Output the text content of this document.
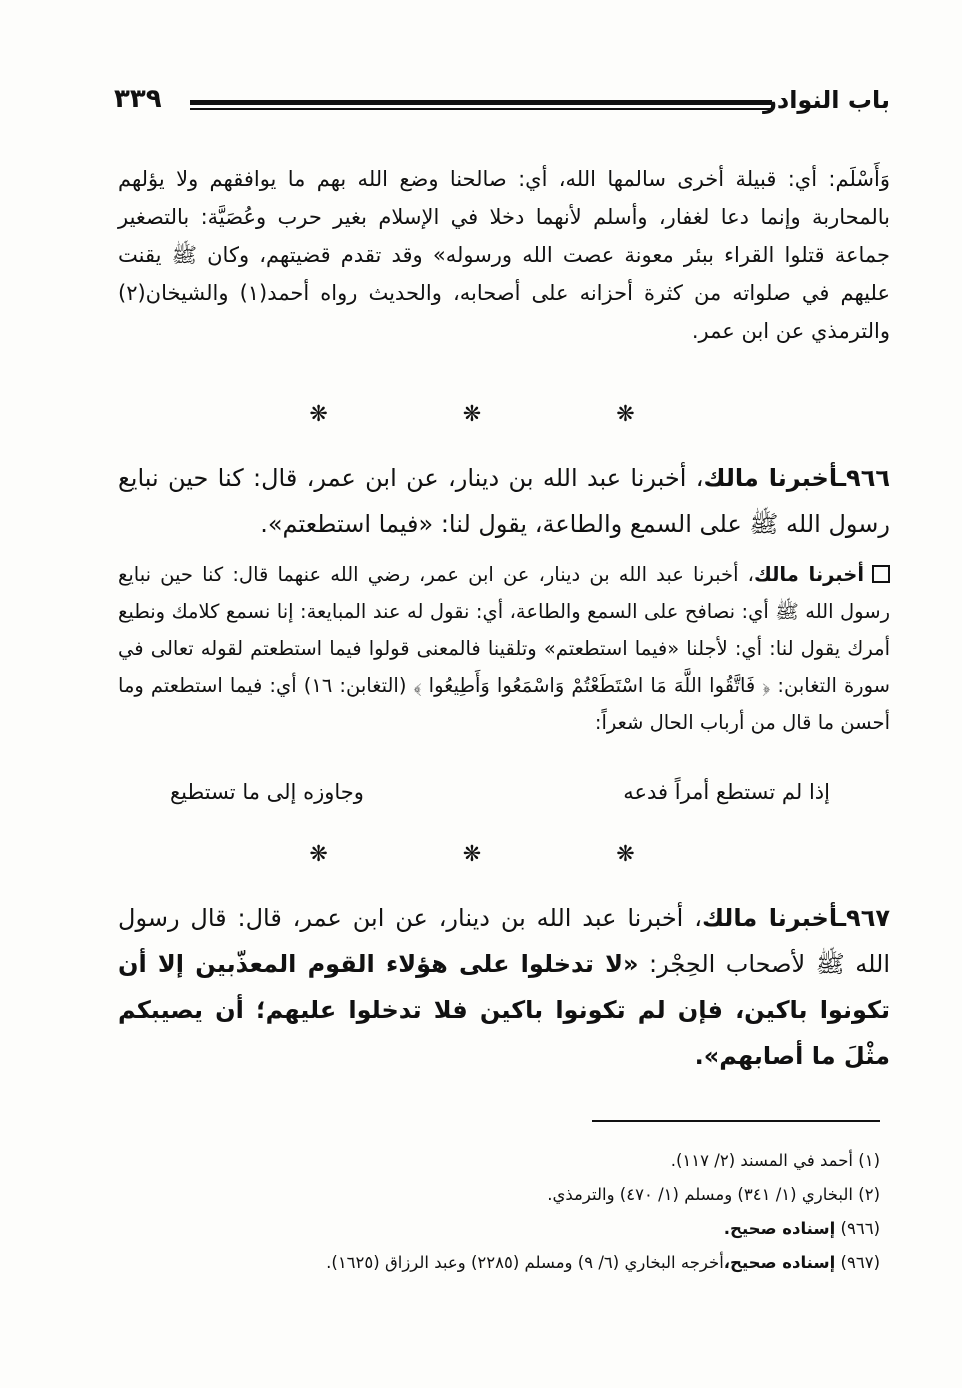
٣٣٩	باب النوادر
وَأَسْلَم: أي: قبيلة أخرى سالمها الله، أي: صالحنا وضع الله بهم ما يوافقهم ولا يؤلهم بالمحاربة وإنما دعا لغفار، وأسلم لأنهما دخلا في الإسلام بغير حرب وعُصَيَّة: بالتصغير جماعة قتلوا القراء ببئر معونة عصت الله ورسوله» وقد تقدم قضيتهم، وكان ﷺ يقنت عليهم في صلواته من كثرة أحزانه على أصحابه، والحديث رواه أحمد(١) والشيخان(٢) والترمذي عن ابن عمر.
❋ ❋ ❋
٩٦٦ـأخبرنا مالك، أخبرنا عبد الله بن دينار، عن ابن عمر، قال: كنا حين نبايع رسول الله ﷺ على السمع والطاعة، يقول لنا: «فيما استطعتم».
أخبرنا مالك، أخبرنا عبد الله بن دينار، عن ابن عمر، رضي الله عنهما قال: كنا حين نبايع رسول الله ﷺ أي: نصافح على السمع والطاعة، أي: نقول له عند المبايعة: إنا نسمع كلامك ونطيع أمرك يقول لنا: أي: لأجلنا «فيما استطعتم» وتلقينا فالمعنى قولوا فيما استطعتم لقوله تعالى في سورة التغابن: ﴿ فَاتَّقُوا اللَّهَ مَا اسْتَطَعْتُمْ وَاسْمَعُوا وَأَطِيعُوا ﴾ (التغابن: ١٦) أي: فيما استطعتم وما أحسن ما قال من أرباب الحال شعراً:
إذا لم تستطع أمراً فدعه
وجاوزه إلى ما تستطيع
❋ ❋ ❋
٩٦٧ـأخبرنا مالك، أخبرنا عبد الله بن دينار، عن ابن عمر، قال: قال رسول الله ﷺ لأصحاب الحِجْر: «لا تدخلوا على هؤلاء القوم المعذّبين إلا أن تكونوا باكين، فإن لم تكونوا باكين فلا تدخلوا عليهم؛ أن يصيبكم مثْلَ ما أصابهم».
(١) أحمد في المسند (٢/ ١١٧).
(٢) البخاري (١/ ٣٤١) ومسلم (١/ ٤٧٠) والترمذي.
(٩٦٦) إسناده صحيح.
(٩٦٧) إسناده صحيح،أخرجه البخاري (٦/ ٩) ومسلم (٢٢٨٥) وعبد الرزاق (١٦٢٥).
